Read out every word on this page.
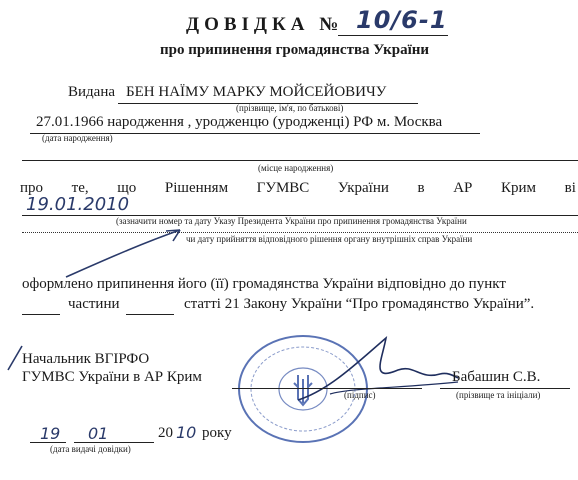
ДОВІДКА № 10/6-1
про припинення громадянства України
Видана БЕН НАЇМУ МАРКУ МОЙСЕЙОВИЧУ
(прізвище, ім'я, по батькові)
27.01.1966 народження , уродженцю (уродженці) РФ м. Москва
(дата народження)
(місце народження)
про те, що Рішенням ГУМВС України в АР Крим ві
19.01.2010
(зазначити номер та дату Указу Президента України про припинення громадянства України
чи дату прийняття відповідного рішення органу внутрішніх справ України
оформлено припинення його (її) громадянства України відповідно до пункт
частини	статті 21 Закону України “Про громадянство України”.
Начальник ВГІРФО
ГУМВС України в АР Крим
(підпис)
Бабашин С.В.
(прізвище та ініціали)
19 01	20 10 року
(дата видачі довідки)
